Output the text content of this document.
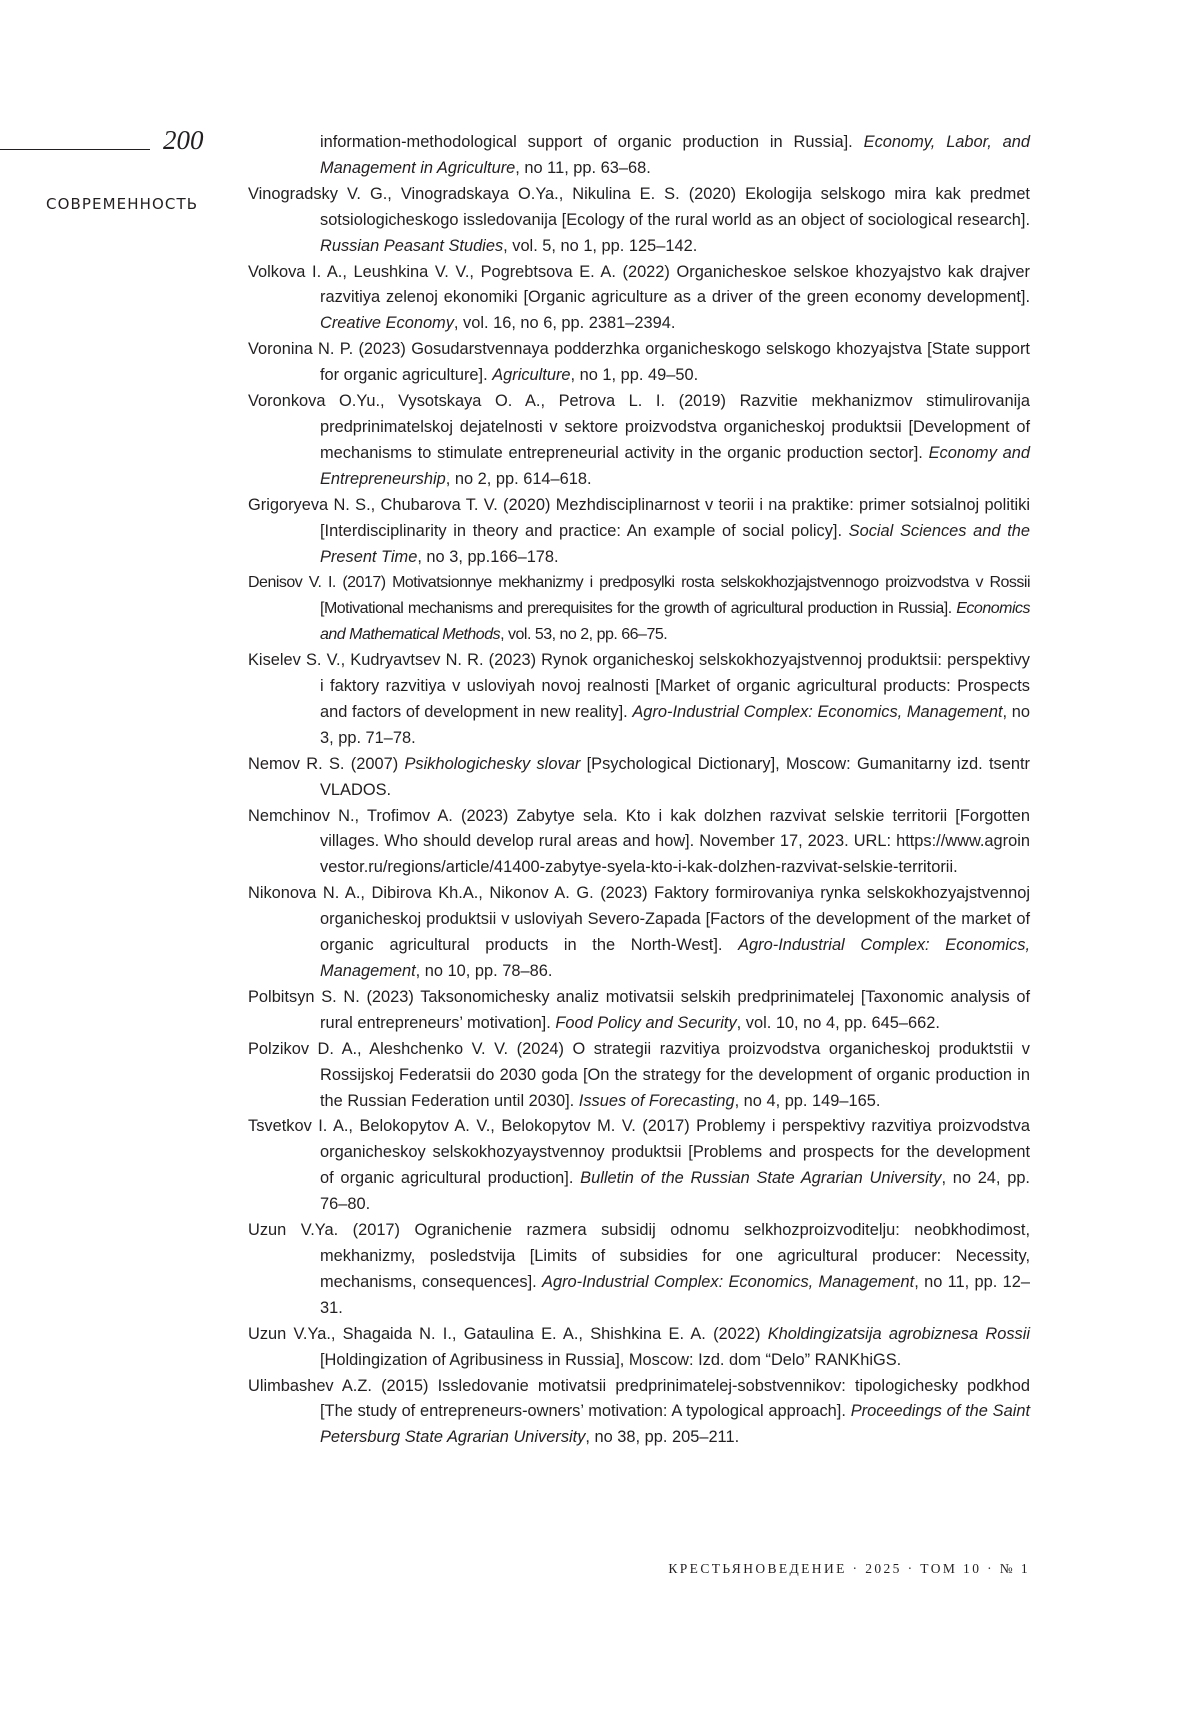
200
СОВРЕМЕННОСТЬ
information-methodological support of organic production in Russia]. Economy, Labor, and Management in Agriculture, no 11, pp. 63–68.
Vinogradsky V. G., Vinogradskaya O.Ya., Nikulina E. S. (2020) Ekologija selskogo mira kak predmet sotsiologicheskogo issledovanija [Ecology of the rural world as an object of sociological research]. Russian Peasant Studies, vol. 5, no 1, pp. 125–142.
Volkova I. A., Leushkina V. V., Pogrebtsova E. A. (2022) Organicheskoe selskoe khozyajstvo kak drajver razvitiya zelenoj ekonomiki [Organic agriculture as a driver of the green economy development]. Creative Economy, vol. 16, no 6, pp. 2381–2394.
Voronina N. P. (2023) Gosudarstvennaya podderzhka organicheskogo selskogo khozyajstva [State support for organic agriculture]. Agriculture, no 1, pp. 49–50.
Voronkova O.Yu., Vysotskaya O. A., Petrova L. I. (2019) Razvitie mekhanizmov stimulirovanija predprinimatelskoj dejatelnosti v sektore proizvodstva organicheskoj produktsii [Development of mechanisms to stimulate entrepreneurial activity in the organic production sector]. Economy and Entrepreneurship, no 2, pp. 614–618.
Grigoryeva N. S., Chubarova T. V. (2020) Mezhdisciplinarnost v teorii i na praktike: primer sotsialnoj politiki [Interdisciplinarity in theory and practice: An example of social policy]. Social Sciences and the Present Time, no 3, pp.166–178.
Denisov V. I. (2017) Motivatsionnye mekhanizmy i predposylki rosta selskokhozjajstvennogo proizvodstva v Rossii [Motivational mechanisms and prerequisites for the growth of agricultural production in Russia]. Economics and Mathematical Methods, vol. 53, no 2, pp. 66–75.
Kiselev S. V., Kudryavtsev N. R. (2023) Rynok organicheskoj selskokhozyajstvennoj produktsii: perspektivy i faktory razvitiya v usloviyah novoj realnosti [Market of organic agricultural products: Prospects and factors of development in new reality]. Agro-Industrial Complex: Economics, Management, no 3, pp. 71–78.
Nemov R. S. (2007) Psikhologichesky slovar [Psychological Dictionary], Moscow: Gumanitarny izd. tsentr VLADOS.
Nemchinov N., Trofimov A. (2023) Zabytye sela. Kto i kak dolzhen razvivat selskie territorii [Forgotten villages. Who should develop rural areas and how]. November 17, 2023. URL: https://www.agroinvestor.ru/regions/article/41400-zabytye-syela-kto-i-kak-dolzhen-razvivat-selskie-territorii.
Nikonova N. A., Dibirova Kh.A., Nikonov A. G. (2023) Faktory formirovaniya rynka selskokhozyajstvennoj organicheskoj produktsii v usloviyah Severo-Zapada [Factors of the development of the market of organic agricultural products in the North-West]. Agro-Industrial Complex: Economics, Management, no 10, pp. 78–86.
Polbitsyn S. N. (2023) Taksonomichesky analiz motivatsii selskih predprinimatelej [Taxonomic analysis of rural entrepreneurs’ motivation]. Food Policy and Security, vol. 10, no 4, pp. 645–662.
Polzikov D. A., Aleshchenko V. V. (2024) O strategii razvitiya proizvodstva organicheskoj produktstii v Rossijskoj Federatsii do 2030 goda [On the strategy for the development of organic production in the Russian Federation until 2030]. Issues of Forecasting, no 4, pp. 149–165.
Tsvetkov I. A., Belokopytov A. V., Belokopytov M. V. (2017) Problemy i perspektivy razvitiya proizvodstva organicheskoy selskokhozyaystvennoy produktsii [Problems and prospects for the development of organic agricultural production]. Bulletin of the Russian State Agrarian University, no 24, pp. 76–80.
Uzun V.Ya. (2017) Ogranichenie razmera subsidij odnomu selkhozproizvoditelju: neobkhodimost, mekhanizmy, posledstvija [Limits of subsidies for one agricultural producer: Necessity, mechanisms, consequences]. Agro-Industrial Complex: Economics, Management, no 11, pp. 12–31.
Uzun V.Ya., Shagaida N. I., Gataulina E. A., Shishkina E. A. (2022) Kholdingizatsija agrobiznesa Rossii [Holdingization of Agribusiness in Russia], Moscow: Izd. dom “Delo” RANKhiGS.
Ulimbashev A.Z. (2015) Issledovanie motivatsii predprinimatelej-sobstvennikov: tipologichesky podkhod [The study of entrepreneurs-owners’ motivation: A typological approach]. Proceedings of the Saint Petersburg State Agrarian University, no 38, pp. 205–211.
КРЕСТЬЯНОВЕДЕНИЕ · 2025 · ТОМ 10 · № 1
